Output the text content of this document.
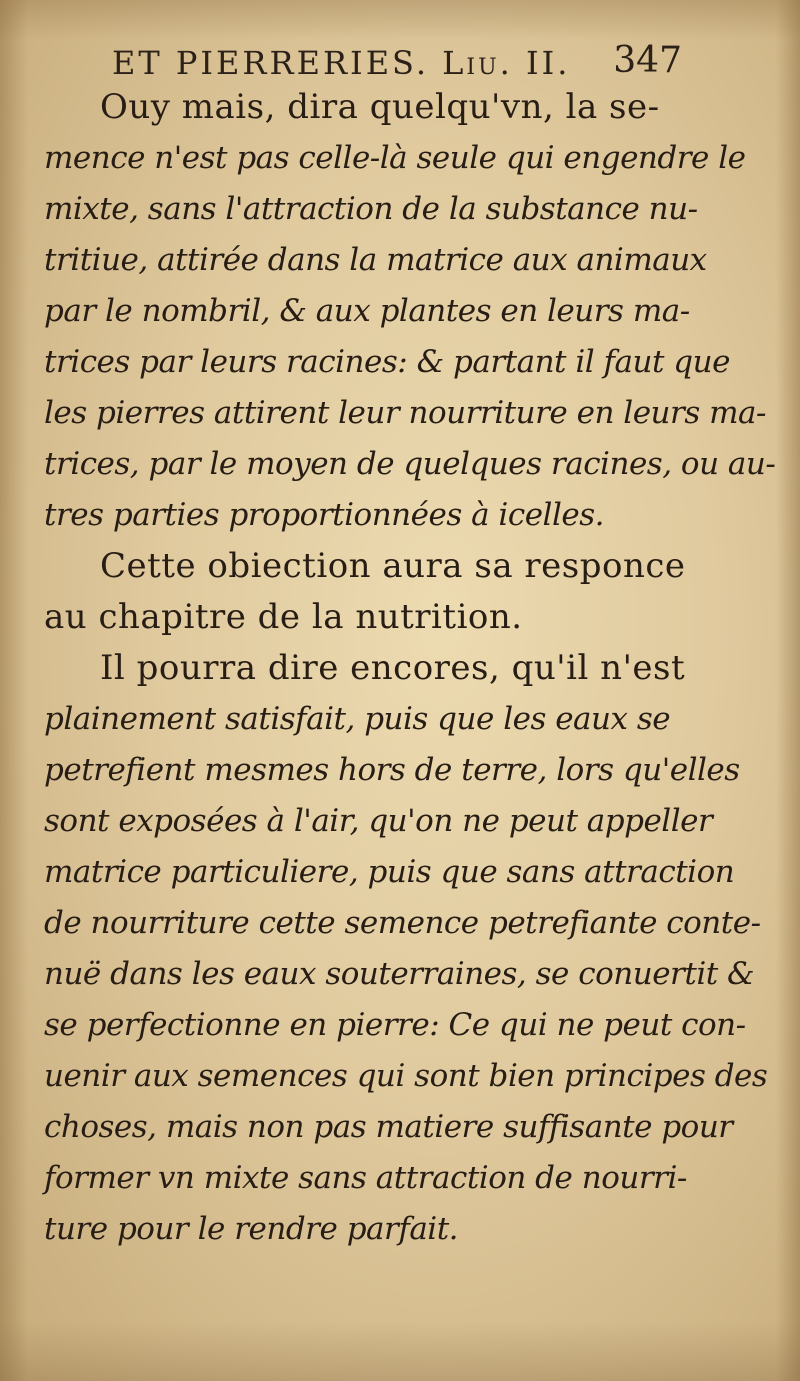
ET PIERRERIES. Liu. II. 347
Ouy mais, dira quelqu'vn, la se-
mence n'est pas celle-là seule qui engendre le
mixte, sans l'attraction de la substance nu-
tritiue, attirée dans la matrice aux animaux
par le nombril, & aux plantes en leurs ma-
trices par leurs racines: & partant il faut que
les pierres attirent leur nourriture en leurs ma-
trices, par le moyen de quelques racines, ou au-
tres parties proportionnées à icelles.
Cette obiection aura sa responce
au chapitre de la nutrition.
Il pourra dire encores, qu'il n'est
plainement satisfait, puis que les eaux se
petrefient mesmes hors de terre, lors qu'elles
sont exposées à l'air, qu'on ne peut appeller
matrice particuliere, puis que sans attraction
de nourriture cette semence petrefiante conte-
nuë dans les eaux souterraines, se conuertit &
se perfectionne en pierre: Ce qui ne peut con-
uenir aux semences qui sont bien principes des
choses, mais non pas matiere suffisante pour
former vn mixte sans attraction de nourri-
ture pour le rendre parfait.
